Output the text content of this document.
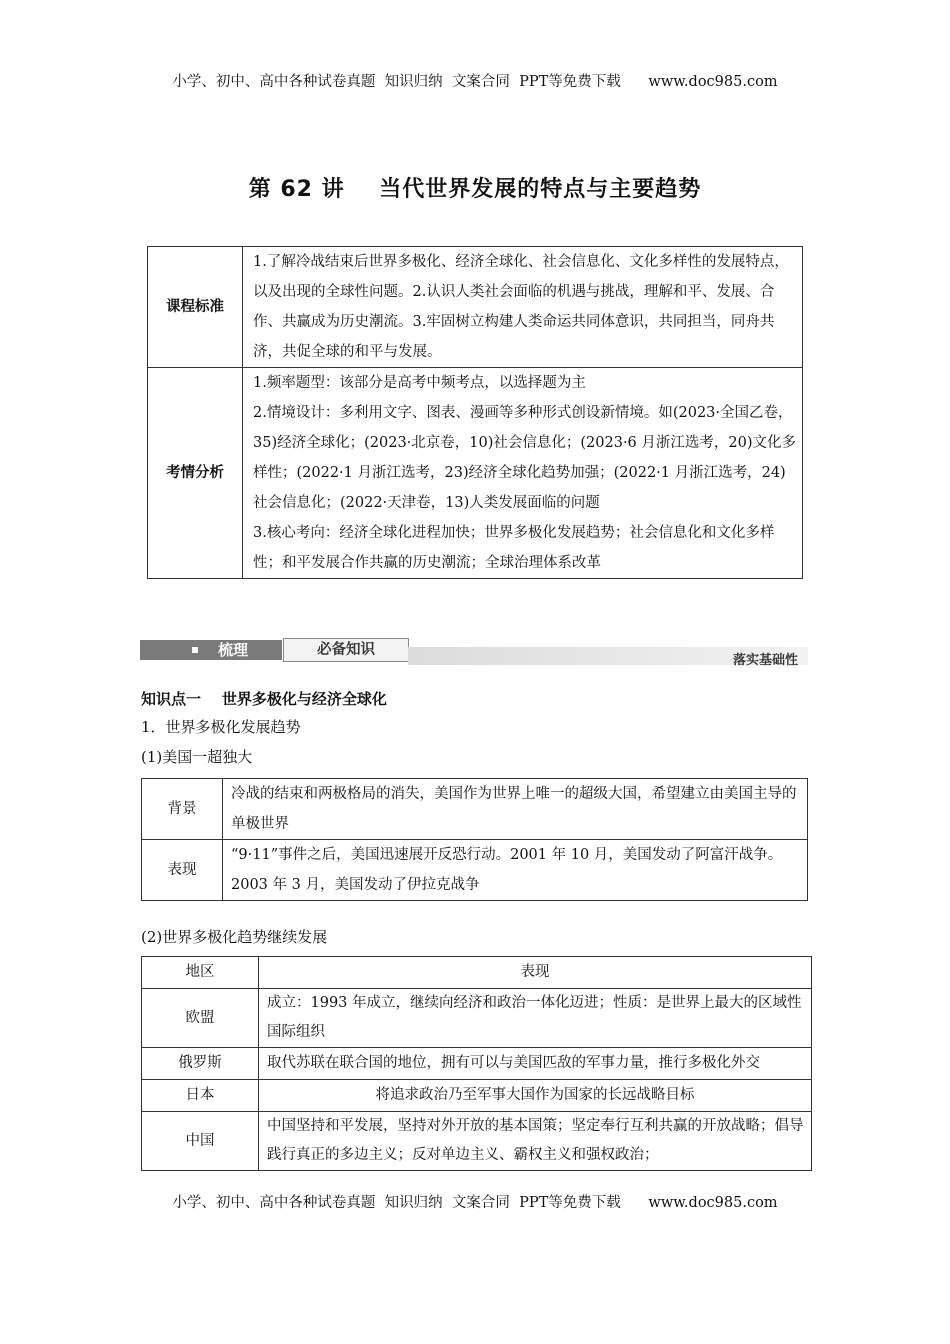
小学、初中、高中各种试卷真题  知识归纳  文案合同  PPT等免费下载      www.doc985.com
第 62 讲    当代世界发展的特点与主要趋势
课程标准	1.了解冷战结束后世界多极化、经济全球化、社会信息化、文化多样性的发展特点，以及出现的全球性问题。2.认识人类社会面临的机遇与挑战，理解和平、发展、合作、共赢成为历史潮流。3.牢固树立构建人类命运共同体意识，共同担当，同舟共济，共促全球的和平与发展。
考情分析	1.频率题型：该部分是高考中频考点，以选择题为主
2.情境设计：多利用文字、图表、漫画等多种形式创设新情境。如(2023·全国乙卷，35)经济全球化；(2023·北京卷，10)社会信息化；(2023·6 月浙江选考，20)文化多样性；(2022·1 月浙江选考，23)经济全球化趋势加强；(2022·1 月浙江选考，24)社会信息化；(2022·天津卷，13)人类发展面临的问题
3.核心考向：经济全球化进程加快；世界多极化发展趋势；社会信息化和文化多样性；和平发展合作共赢的历史潮流；全球治理体系改革
梳理	必备知识
落实基础性
知识点一    世界多极化与经济全球化
1．世界多极化发展趋势
(1)美国一超独大
背景	冷战的结束和两极格局的消失，美国作为世界上唯一的超级大国，希望建立由美国主导的单极世界
表现	“9·11”事件之后，美国迅速展开反恐行动。2001 年 10 月，美国发动了阿富汗战争。2003 年 3 月，美国发动了伊拉克战争
(2)世界多极化趋势继续发展
地区	表现
欧盟	成立：1993 年成立，继续向经济和政治一体化迈进；性质：是世界上最大的区域性国际组织
俄罗斯	取代苏联在联合国的地位，拥有可以与美国匹敌的军事力量，推行多极化外交
日本	将追求政治乃至军事大国作为国家的长远战略目标
中国	中国坚持和平发展，坚持对外开放的基本国策；坚定奉行互利共赢的开放战略；倡导践行真正的多边主义；反对单边主义、霸权主义和强权政治；
小学、初中、高中各种试卷真题  知识归纳  文案合同  PPT等免费下载      www.doc985.com
